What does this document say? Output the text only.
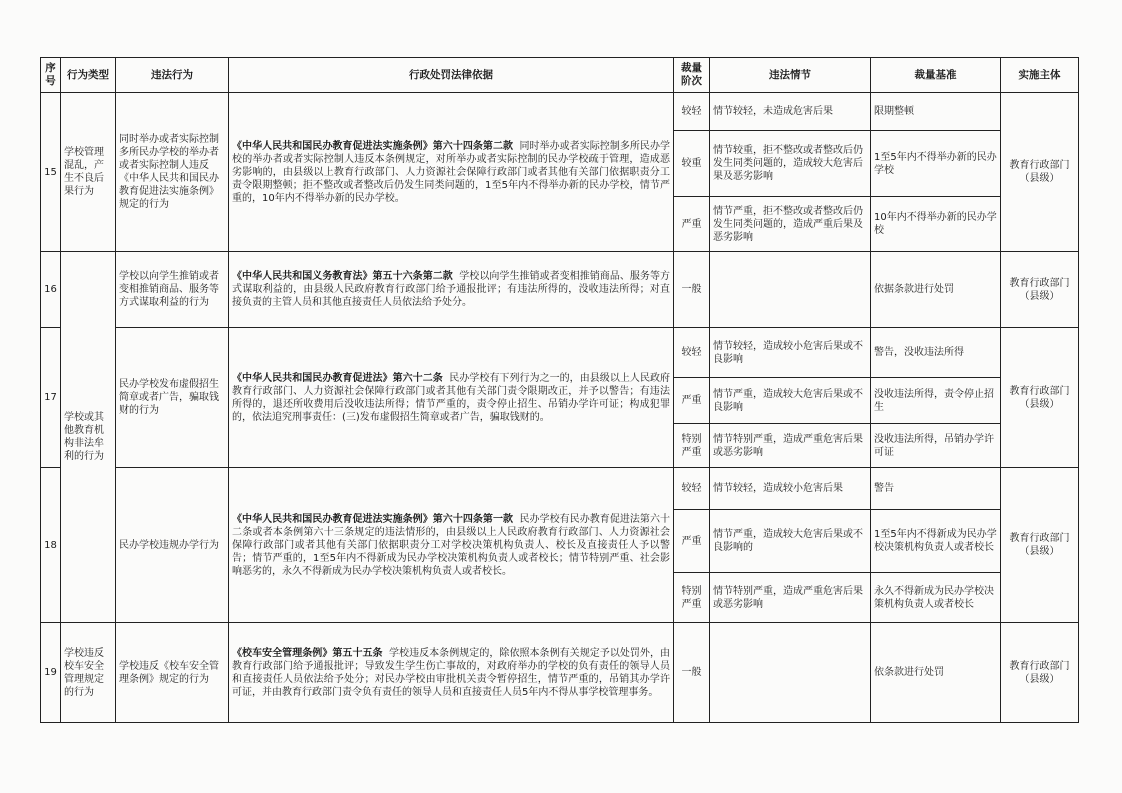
序号	行为类型	违法行为	行政处罚法律依据	裁量阶次	违法情节	裁量基准	实施主体
15	学校管理混乱，产生不良后果行为	同时举办或者实际控制多所民办学校的举办者或者实际控制人违反《中华人民共和国民办教育促进法实施条例》规定的行为	《中华人民共和国民办教育促进法实施条例》第六十四条第二款 同时举办或者实际控制多所民办学校的举办者或者实际控制人违反本条例规定，对所举办或者实际控制的民办学校疏于管理，造成恶劣影响的，由县级以上教育行政部门、人力资源社会保障行政部门或者其他有关部门依据职责分工责令限期整顿；拒不整改或者整改后仍发生同类问题的，1至5年内不得举办新的民办学校，情节严重的，10年内不得举办新的民办学校。	较轻	情节较轻，未造成危害后果	限期整顿	教育行政部门（县级）
				较重	情节较重，拒不整改或者整改后仍发生同类问题的，造成较大危害后果及恶劣影响	1至5年内不得举办新的民办学校	
				严重	情节严重，拒不整改或者整改后仍发生同类问题的，造成严重后果及恶劣影响	10年内不得举办新的民办学校	
16	学校或其他教育机构非法牟利的行为	学校以向学生推销或者变相推销商品、服务等方式谋取利益的行为	《中华人民共和国义务教育法》第五十六条第二款 学校以向学生推销或者变相推销商品、服务等方式谋取利益的，由县级人民政府教育行政部门给予通报批评；有违法所得的，没收违法所得；对直接负责的主管人员和其他直接责任人员依法给予处分。	一般		依据条款进行处罚	教育行政部门（县级）
17		民办学校发布虚假招生简章或者广告，骗取钱财的行为	《中华人民共和国民办教育促进法》第六十二条 民办学校有下列行为之一的，由县级以上人民政府教育行政部门、人力资源社会保障行政部门或者其他有关部门责令限期改正，并予以警告；有违法所得的，退还所收费用后没收违法所得；情节严重的，责令停止招生、吊销办学许可证；构成犯罪的，依法追究刑事责任：(三)发布虚假招生简章或者广告，骗取钱财的。	较轻	情节较轻，造成较小危害后果或不良影响	警告，没收违法所得	教育行政部门（县级）
				严重	情节严重，造成较大危害后果或不良影响	没收违法所得，责令停止招生	
				特别严重	情节特别严重，造成严重危害后果或恶劣影响	没收违法所得，吊销办学许可证	
18		民办学校违规办学行为	《中华人民共和国民办教育促进法实施条例》第六十四条第一款 民办学校有民办教育促进法第六十二条或者本条例第六十三条规定的违法情形的，由县级以上人民政府教育行政部门、人力资源社会保障行政部门或者其他有关部门依据职责分工对学校决策机构负责人、校长及直接责任人予以警告；情节严重的，1至5年内不得新成为民办学校决策机构负责人或者校长；情节特别严重、社会影响恶劣的，永久不得新成为民办学校决策机构负责人或者校长。	较轻	情节较轻，造成较小危害后果	警告	教育行政部门（县级）
				严重	情节严重，造成较大危害后果或不良影响的	1至5年内不得新成为民办学校决策机构负责人或者校长	
				特别严重	情节特别严重，造成严重危害后果或恶劣影响	永久不得新成为民办学校决策机构负责人或者校长	
19	学校违反校车安全管理规定的行为	学校违反《校车安全管理条例》规定的行为	《校车安全管理条例》第五十五条 学校违反本条例规定的，除依照本条例有关规定予以处罚外，由教育行政部门给予通报批评；导致发生学生伤亡事故的，对政府举办的学校的负有责任的领导人员和直接责任人员依法给予处分；对民办学校由审批机关责令暂停招生，情节严重的，吊销其办学许可证，并由教育行政部门责令负有责任的领导人员和直接责任人员5年内不得从事学校管理事务。	一般		依条款进行处罚	教育行政部门（县级）
